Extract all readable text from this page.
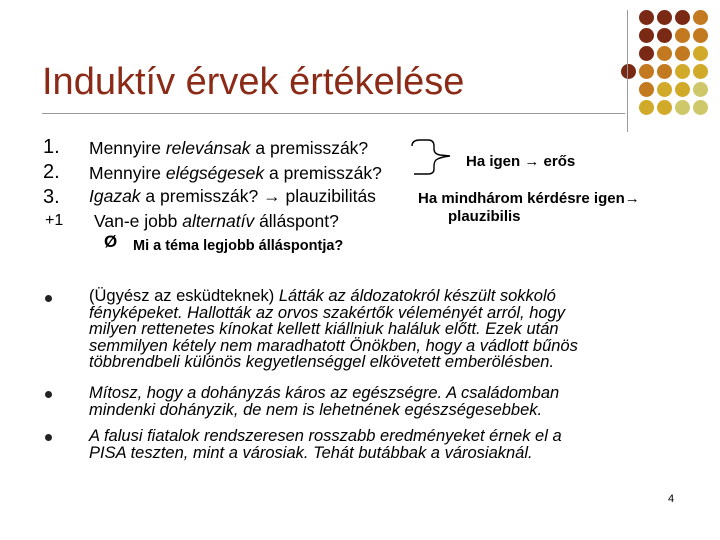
Induktív érvek értékelése
1.
2.
3.
+1
Mennyire relevánsak a premisszák?
Mennyire elégségesek a premisszák?
Igazak a premisszák? → plauzibilitás
Van-e jobb alternatív álláspont?
Ø Mi a téma legjobb álláspontja?
Ha igen → erős
Ha mindhárom kérdésre igen→
plauzibilis
(Ügyész az esküdteknek) Látták az áldozatokról készült sokkoló
fényképeket. Hallották az orvos szakértők véleményét arról, hogy
milyen rettenetes kínokat kellett kiállniuk haláluk előtt. Ezek után
semmilyen kétely nem maradhatott Önökben, hogy a vádlott bűnös
többrendbeli különös kegyetlenséggel elkövetett emberölésben.
Mítosz, hogy a dohányzás káros az egészségre. A családomban
mindenki dohányzik, de nem is lehetnének egészségesebbek.
A falusi fiatalok rendszeresen rosszabb eredményeket érnek el a
PISA teszten, mint a városiak. Tehát butábbak a városiaknál.
4
